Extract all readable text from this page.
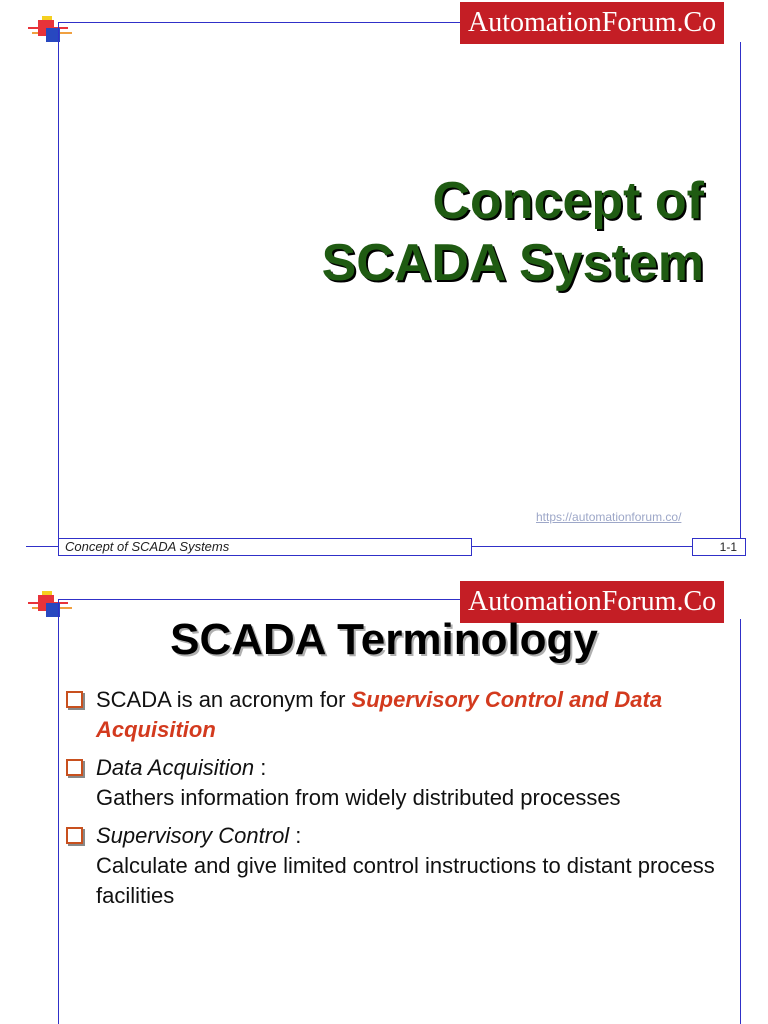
AutomationForum.Co
Concept of
SCADA System
https://automationforum.co/
Concept of SCADA Systems	1-1
AutomationForum.Co
SCADA Terminology
SCADA is an acronym for Supervisory Control and Data Acquisition
Data Acquisition :
Gathers information from widely distributed processes
Supervisory Control :
Calculate and give limited control instructions to distant process facilities
